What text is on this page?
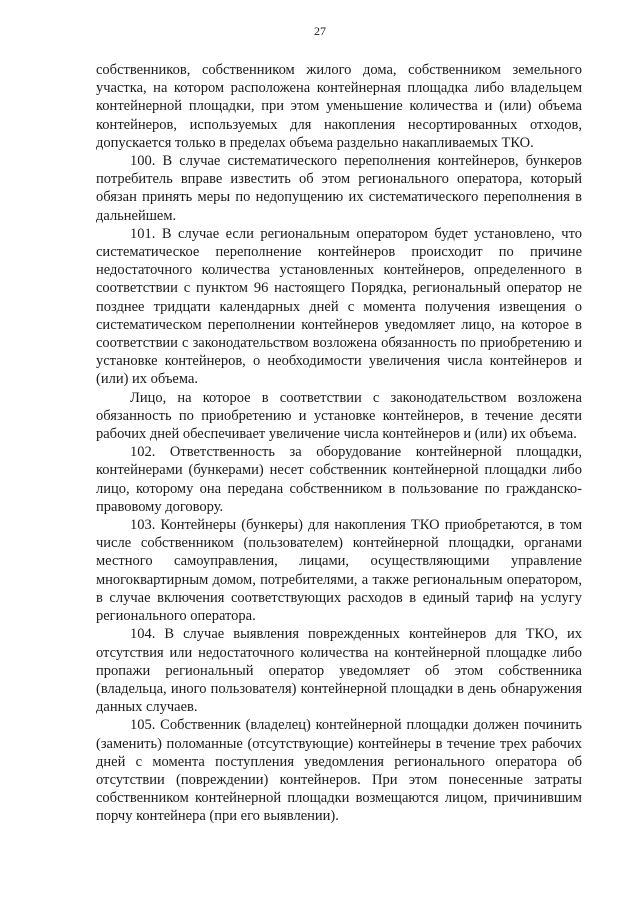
27

собственников, собственником жилого дома, собственником земельного участка, на котором расположена контейнерная площадка либо владельцем контейнерной площадки, при этом уменьшение количества и (или) объема контейнеров, используемых для накопления несортированных отходов, допускается только в пределах объема раздельно накапливаемых ТКО.

100. В случае систематического переполнения контейнеров, бункеров потребитель вправе известить об этом регионального оператора, который обязан принять меры по недопущению их систематического переполнения в дальнейшем.

101. В случае если региональным оператором будет установлено, что систематическое переполнение контейнеров происходит по причине недостаточного количества установленных контейнеров, определенного в соответствии с пунктом 96 настоящего Порядка, региональный оператор не позднее тридцати календарных дней с момента получения извещения о систематическом переполнении контейнеров уведомляет лицо, на которое в соответствии с законодательством возложена обязанность по приобретению и установке контейнеров, о необходимости увеличения числа контейнеров и (или) их объема.

Лицо, на которое в соответствии с законодательством возложена обязанность по приобретению и установке контейнеров, в течение десяти рабочих дней обеспечивает увеличение числа контейнеров и (или) их объема.

102. Ответственность за оборудование контейнерной площадки, контейнерами (бункерами) несет собственник контейнерной площадки либо лицо, которому она передана собственником в пользование по гражданско-правовому договору.

103. Контейнеры (бункеры) для накопления ТКО приобретаются, в том числе собственником (пользователем) контейнерной площадки, органами местного самоуправления, лицами, осуществляющими управление многоквартирным домом, потребителями, а также региональным оператором, в случае включения соответствующих расходов в единый тариф на услугу регионального оператора.

104. В случае выявления поврежденных контейнеров для ТКО, их отсутствия или недостаточного количества на контейнерной площадке либо пропажи региональный оператор уведомляет об этом собственника (владельца, иного пользователя) контейнерной площадки в день обнаружения данных случаев.

105. Собственник (владелец) контейнерной площадки должен починить (заменить) поломанные (отсутствующие) контейнеры в течение трех рабочих дней с момента поступления уведомления регионального оператора об отсутствии (повреждении) контейнеров. При этом понесенные затраты собственником контейнерной площадки возмещаются лицом, причинившим порчу контейнера (при его выявлении).
